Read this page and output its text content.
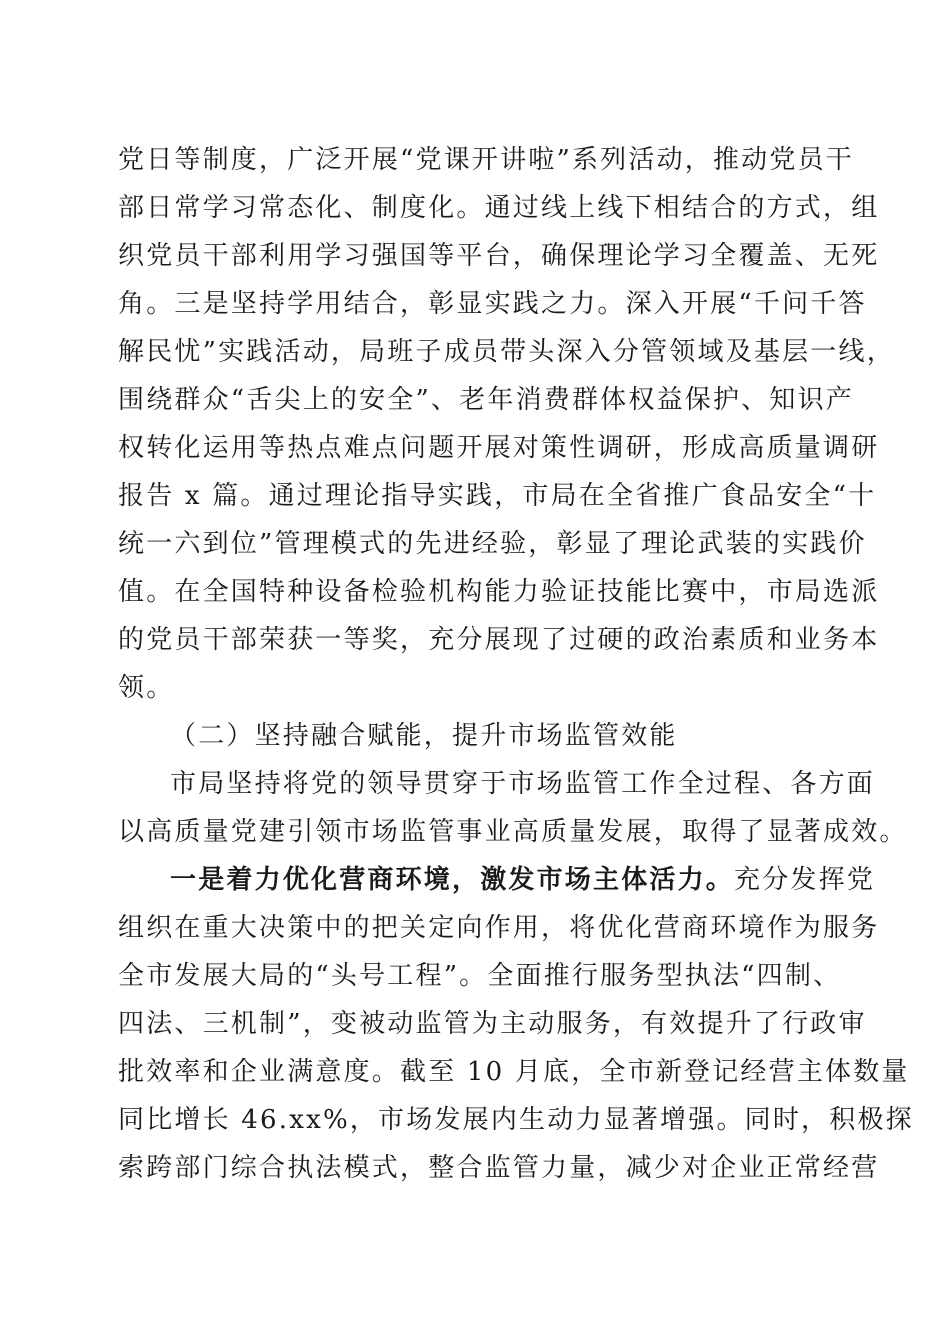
党日等制度，广泛开展“党课开讲啦”系列活动，推动党员干
部日常学习常态化、制度化。通过线上线下相结合的方式，组
织党员干部利用学习强国等平台，确保理论学习全覆盖、无死
角。三是坚持学用结合，彰显实践之力。深入开展“千问千答
解民忧”实践活动，局班子成员带头深入分管领域及基层一线，
围绕群众“舌尖上的安全”、老年消费群体权益保护、知识产
权转化运用等热点难点问题开展对策性调研，形成高质量调研
报告 x 篇。通过理论指导实践，市局在全省推广食品安全“十
统一六到位”管理模式的先进经验，彰显了理论武装的实践价
值。在全国特种设备检验机构能力验证技能比赛中，市局选派
的党员干部荣获一等奖，充分展现了过硬的政治素质和业务本
领。
（二）坚持融合赋能，提升市场监管效能
市局坚持将党的领导贯穿于市场监管工作全过程、各方面
以高质量党建引领市场监管事业高质量发展，取得了显著成效。
一是着力优化营商环境，激发市场主体活力。充分发挥党
组织在重大决策中的把关定向作用，将优化营商环境作为服务
全市发展大局的“头号工程”。全面推行服务型执法“四制、
四法、三机制”，变被动监管为主动服务，有效提升了行政审
批效率和企业满意度。截至 10 月底，全市新登记经营主体数量
同比增长 46.xx%，市场发展内生动力显著增强。同时，积极探
索跨部门综合执法模式，整合监管力量，减少对企业正常经营
